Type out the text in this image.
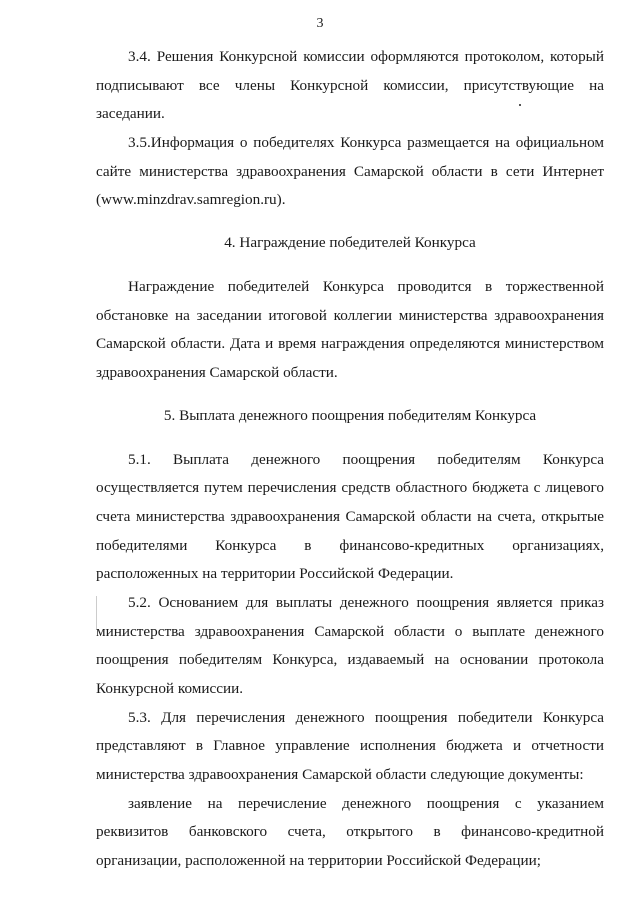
3
3.4. Решения Конкурсной комиссии оформляются протоколом, который
подписывают все члены Конкурсной комиссии, присутствующие на
заседании.
3.5.Информация о победителях Конкурса размещается на официальном
сайте министерства здравоохранения Самарской области в сети Интернет
(www.minzdrav.samregion.ru).
4. Награждение победителей Конкурса
Награждение победителей Конкурса проводится в торжественной
обстановке на заседании итоговой коллегии министерства здравоохранения
Самарской области. Дата и время награждения определяются министерством
здравоохранения Самарской области.
5. Выплата денежного поощрения победителям Конкурса
5.1. Выплата денежного поощрения победителям Конкурса
осуществляется путем перечисления средств областного бюджета с лицевого
счета министерства здравоохранения Самарской области на счета, открытые
победителями Конкурса в финансово-кредитных организациях,
расположенных на территории Российской Федерации.
5.2. Основанием для выплаты денежного поощрения является приказ
министерства здравоохранения Самарской области о выплате денежного
поощрения победителям Конкурса, издаваемый на основании протокола
Конкурсной комиссии.
5.3. Для перечисления денежного поощрения победители Конкурса
представляют в Главное управление исполнения бюджета и отчетности
министерства здравоохранения Самарской области следующие документы:
заявление на перечисление денежного поощрения с указанием
реквизитов банковского счета, открытого в финансово-кредитной
организации, расположенной на территории Российской Федерации;
